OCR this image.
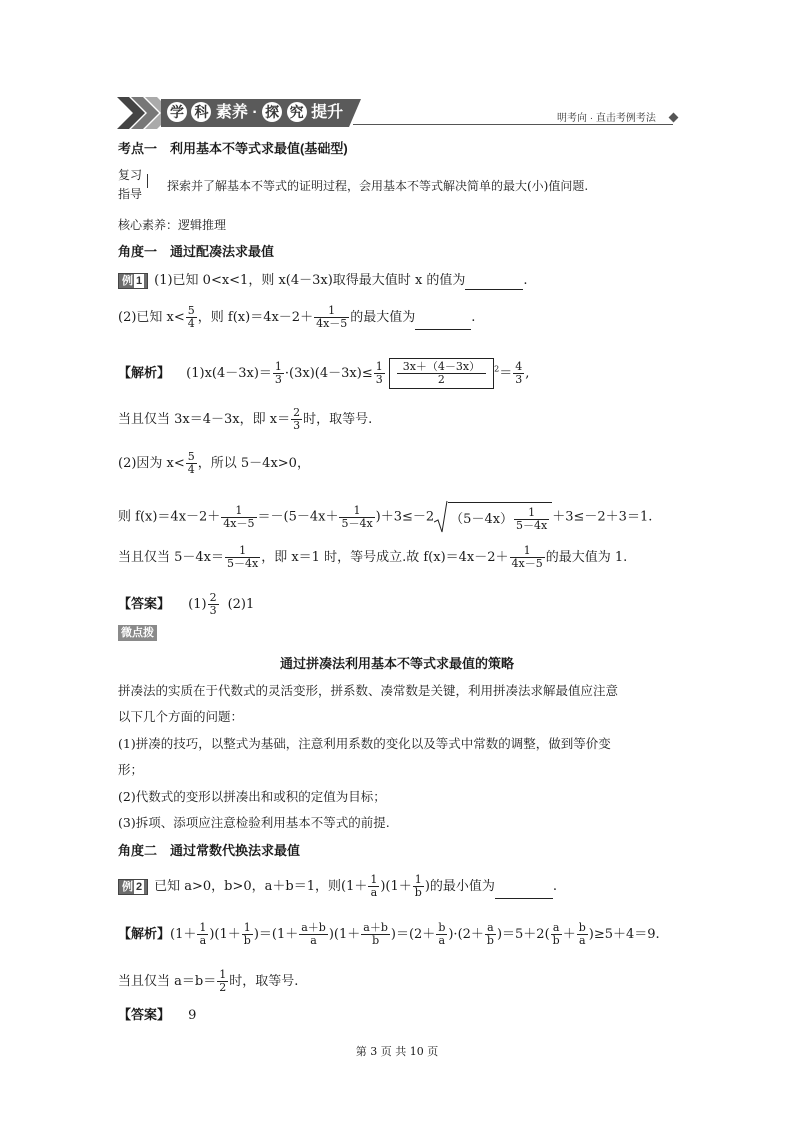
学 科 素养 · 探 究 提升	明考向 · 直击考例考法
考点一　利用基本不等式求最值(基础型)
复习
指导
探索并了解基本不等式的证明过程，会用基本不等式解决简单的最大(小)值问题.
核心素养：逻辑推理
角度一　通过配凑法求最值
例 1 (1)已知 0<x<1，则 x(4－3x)取得最大值时 x 的值为	.
(2)已知 $x< \frac{5}{4}$ ，则 $f(x)=4x-2+ \frac{1}{4x-5}$ 的最大值为	.
【解析】 $(1)x(4-3x)= \frac{1}{3} \cdot(3x)(4-3x)\le \frac{1}{3} \frac{3x+(4-3x)}{2} ^2= \frac{4}{3}$ ,
当且仅当 3x＝4－3x，即 $x= \frac{2}{3}$ 时，取等号.
(2)因为 $x< \frac{5}{4}$ ，所以 5－4x>0，
则 $f(x)=4x-2+ \frac{1}{4x-5} =-(5-4x+ \frac{1}{5-4x} )+3\le-2$ $(5-4x) \frac{1}{5-4x} +3\le-2+3=1$.
当且仅当 $5-4x= \frac{1}{5-4x}$ ，即 x＝1 时，等号成立.故 $f(x)=4x-2+ \frac{1}{4x-5}$ 的最大值为 1.
【答案】 $(1) \frac{2}{3} (2)1$
微点拨
通过拼凑法利用基本不等式求最值的策略
拼凑法的实质在于代数式的灵活变形，拼系数、凑常数是关键，利用拼凑法求解最值应注意
以下几个方面的问题：
(1)拼凑的技巧，以整式为基础，注意利用系数的变化以及等式中常数的调整，做到等价变
形；
(2)代数式的变形以拼凑出和或积的定值为目标；
(3)拆项、添项应注意检验利用基本不等式的前提.
角度二　通过常数代换法求最值
例 2 已知 a>0，b>0，a＋b＝1，则$(1+ \frac{1}{a} )(1+ \frac{1}{b}$ )的最小值为	.
【解析】$(1+ \frac{1}{a} )(1+ \frac{1}{b} )=(1+ \frac{a+b}{a} )(1+ \frac{a+b}{b} )=(2+ \frac{b}{a} )\cdot(2+ \frac{a}{b} )=5+2( \frac{a}{b} + \frac{b}{a} )\ge 5+4=9$.
当且仅当 $a=b= \frac{1}{2}$ 时，取等号.
【答案】 9
第 3 页 共 10 页
